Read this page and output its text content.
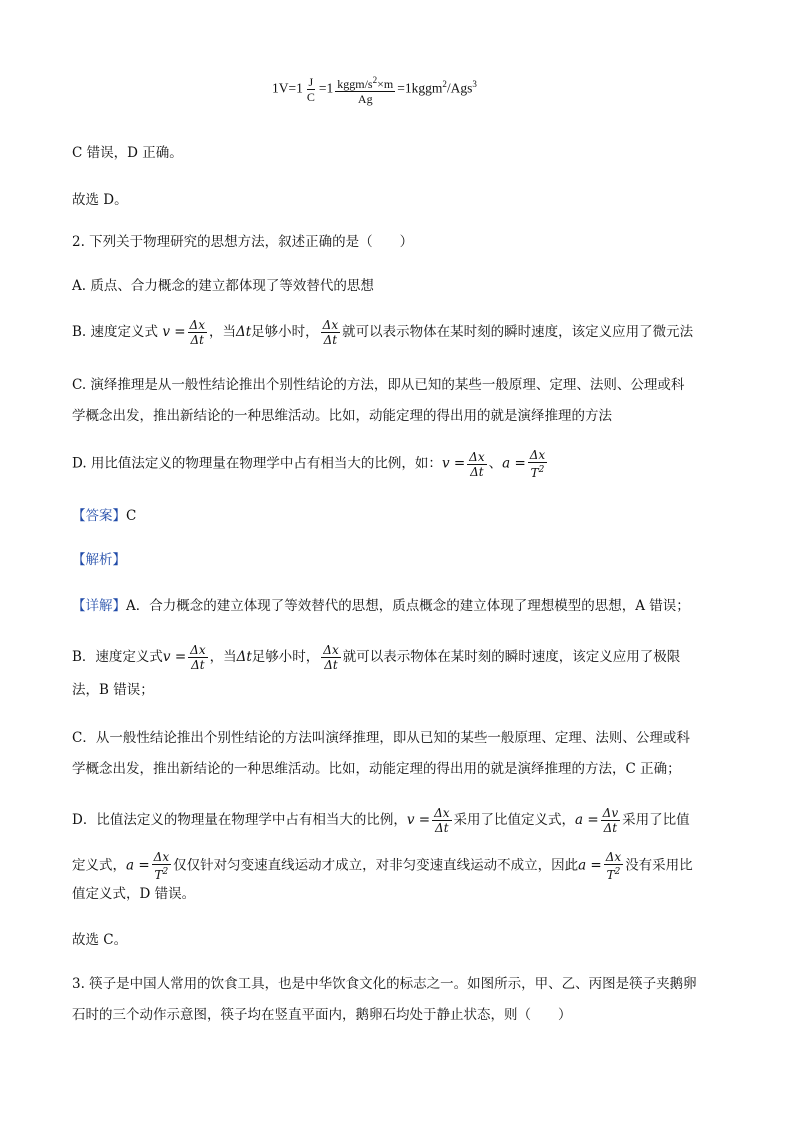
$1V=1 \frac{J}{C} =1 \frac{kggm/s^2\times m}{Ag}$ =1kggm$^2$/Ags$^3$
C 错误，D 正确。
故选 D。
2. 下列关于物理研究的思想方法，叙述正确的是（　　）
A. 质点、合力概念的建立都体现了等效替代的思想
B. 速度定义式 $v = \frac{\Delta x}{\Delta t}$ ，当Δt足够小时， $\frac{\Delta x}{\Delta t}$ 就可以表示物体在某时刻的瞬时速度，该定义应用了微元法
C. 演绎推理是从一般性结论推出个别性结论的方法，即从已知的某些一般原理、定理、法则、公理或科
学概念出发，推出新结论的一种思维活动。比如，动能定理的得出用的就是演绎推理的方法
D. 用比值法定义的物理量在物理学中占有相当大的比例，如：$v = \frac{\Delta x}{\Delta t}$ 、$a = \frac{\Delta x}{T^2}$
【答案】C
【解析】
【详解】A．合力概念的建立体现了等效替代的思想，质点概念的建立体现了理想模型的思想，A 错误；
B．速度定义式$v = \frac{\Delta x}{\Delta t}$ ，当Δt足够小时， $\frac{\Delta x}{\Delta t}$ 就可以表示物体在某时刻的瞬时速度，该定义应用了极限
法，B 错误；
C．从一般性结论推出个别性结论的方法叫演绎推理，即从已知的某些一般原理、定理、法则、公理或科
学概念出发，推出新结论的一种思维活动。比如，动能定理的得出用的就是演绎推理的方法，C 正确；
D．比值法定义的物理量在物理学中占有相当大的比例，$v = \frac{\Delta x}{\Delta t}$ 采用了比值定义式，$a = \frac{\Delta v}{\Delta t}$ 采用了比值
定义式，$a = \frac{\Delta x}{T^2}$ 仅仅针对匀变速直线运动才成立，对非匀变速直线运动不成立，因此$a = \frac{\Delta x}{T^2}$ 没有采用比
值定义式，D 错误。
故选 C。
3. 筷子是中国人常用的饮食工具，也是中华饮食文化的标志之一。如图所示，甲、乙、丙图是筷子夹鹅卵
石时的三个动作示意图，筷子均在竖直平面内，鹅卵石均处于静止状态，则（　　）
